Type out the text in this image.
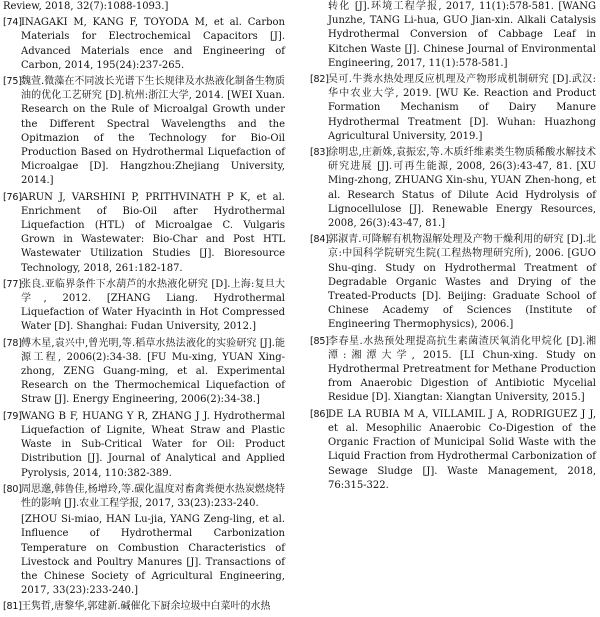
Review, 2018, 32(7):1088-1093.]

[74] INAGAKI M, KANG F, TOYODA M, et al. Carbon Materials for Electrochemical Capacitors [J]. Advanced Materials ence and Engineering of Carbon, 2014, 195(24):237-265.
[75] 魏萱.微藻在不同波长光谱下生长规律及水热液化制备生物质油的优化工艺研究 [D].杭州:浙江大学, 2014. [WEI Xuan. Research on the Rule of Microalgal Growth under the Different Spectral Wavelengths and the Opitmazion of the Technology for Bio-Oil Production Based on Hydrothermal Liquefaction of Microalgae [D]. Hangzhou:Zhejiang University, 2014.]
[76] ARUN J, VARSHINI P, PRITHVINATH P K, et al. Enrichment of Bio-Oil after Hydrothermal Liquefaction (HTL) of Microalgae C. Vulgaris Grown in Wastewater: Bio-Char and Post HTL Wastewater Utilization Studies [J]. Bioresource Technology, 2018, 261:182-187.
[77] 张良.亚临界条件下水葫芦的水热液化研究 [D].上海:复旦大学, 2012. [ZHANG Liang. Hydrothermal Liquefaction of Water Hyacinth in Hot Compressed Water [D]. Shanghai: Fudan University, 2012.]
[78] 傅木星,袁兴中,曾光明,等.稻草水热法液化的实验研究 [J].能源工程, 2006(2):34-38. [FU Mu-xing, YUAN Xing-zhong, ZENG Guang-ming, et al. Experimental Research on the Thermochemical Liquefaction of Straw [J]. Energy Engineering, 2006(2):34-38.]
[79] WANG B F, HUANG Y R, ZHANG J J. Hydrothermal Liquefaction of Lignite, Wheat Straw and Plastic Waste in Sub-Critical Water for Oil: Product Distribution [J]. Journal of Analytical and Applied Pyrolysis, 2014, 110:382-389.
[80] 周思邈,韩鲁佳,杨增玲,等.碳化温度对畜禽粪便水热炭燃烧特性的影响 [J].农业工程学报, 2017, 33(23):233-240.

[ZHOU Si-miao, HAN Lu-jia, YANG Zeng-ling, et al. Influence of Hydrothermal Carbonization Temperature on Combustion Characteristics of Livestock and Poultry Manures [J]. Transactions of the Chinese Society of Agricultural Engineering, 2017, 33(23):233-240.]

[81] 王隽哲,唐黎华,郭建新.碱催化下厨余垃圾中白菜叶的水热

转化 [J].环境工程学报, 2017, 11(1):578-581. [WANG Junzhe, TANG Li-hua, GUO Jian-xin. Alkali Catalysis Hydrothermal Conversion of Cabbage Leaf in Kitchen Waste [J]. Chinese Journal of Environmental Engineering, 2017, 11(1):578-581.]

[82] 吴可.牛粪水热处理反应机理及产物形成机制研究 [D].武汉:华中农业大学, 2019. [WU Ke. Reaction and Product Formation Mechanism of Dairy Manure Hydrothermal Treatment [D]. Wuhan: Huazhong Agricultural University, 2019.]
[83] 徐明忠,庄新姝,袁振宏,等.木质纤维素类生物质稀酸水解技术研究进展 [J].可再生能源, 2008, 26(3):43-47, 81. [XU Ming-zhong, ZHUANG Xin-shu, YUAN Zhen-hong, et al. Research Status of Dilute Acid Hydrolysis of Lignocellulose [J]. Renewable Energy Resources, 2008, 26(3):43-47, 81.]
[84] 郭淑青.可降解有机物湿解处理及产物干燥利用的研究 [D].北京:中国科学院研究生院(工程热物理研究所), 2006. [GUO Shu-qing. Study on Hydrothermal Treatment of Degradable Organic Wastes and Drying of the Treated-Products [D]. Beijing: Graduate School of Chinese Academy of Sciences (Institute of Engineering Thermophysics), 2006.]
[85] 李春星.水热预处理提高抗生素菌渣厌氧消化甲烷化 [D].湘潭:湘潭大学, 2015. [LI Chun-xing. Study on Hydrothermal Pretreatment for Methane Production from Anaerobic Digestion of Antibiotic Mycelial Residue [D]. Xiangtan: Xiangtan University, 2015.]
[86] DE LA RUBIA M A, VILLAMIL J A, RODRIGUEZ J J, et al. Mesophilic Anaerobic Co-Digestion of the Organic Fraction of Municipal Solid Waste with the Liquid Fraction from Hydrothermal Carbonization of Sewage Sludge [J]. Waste Management, 2018, 76:315-322.
